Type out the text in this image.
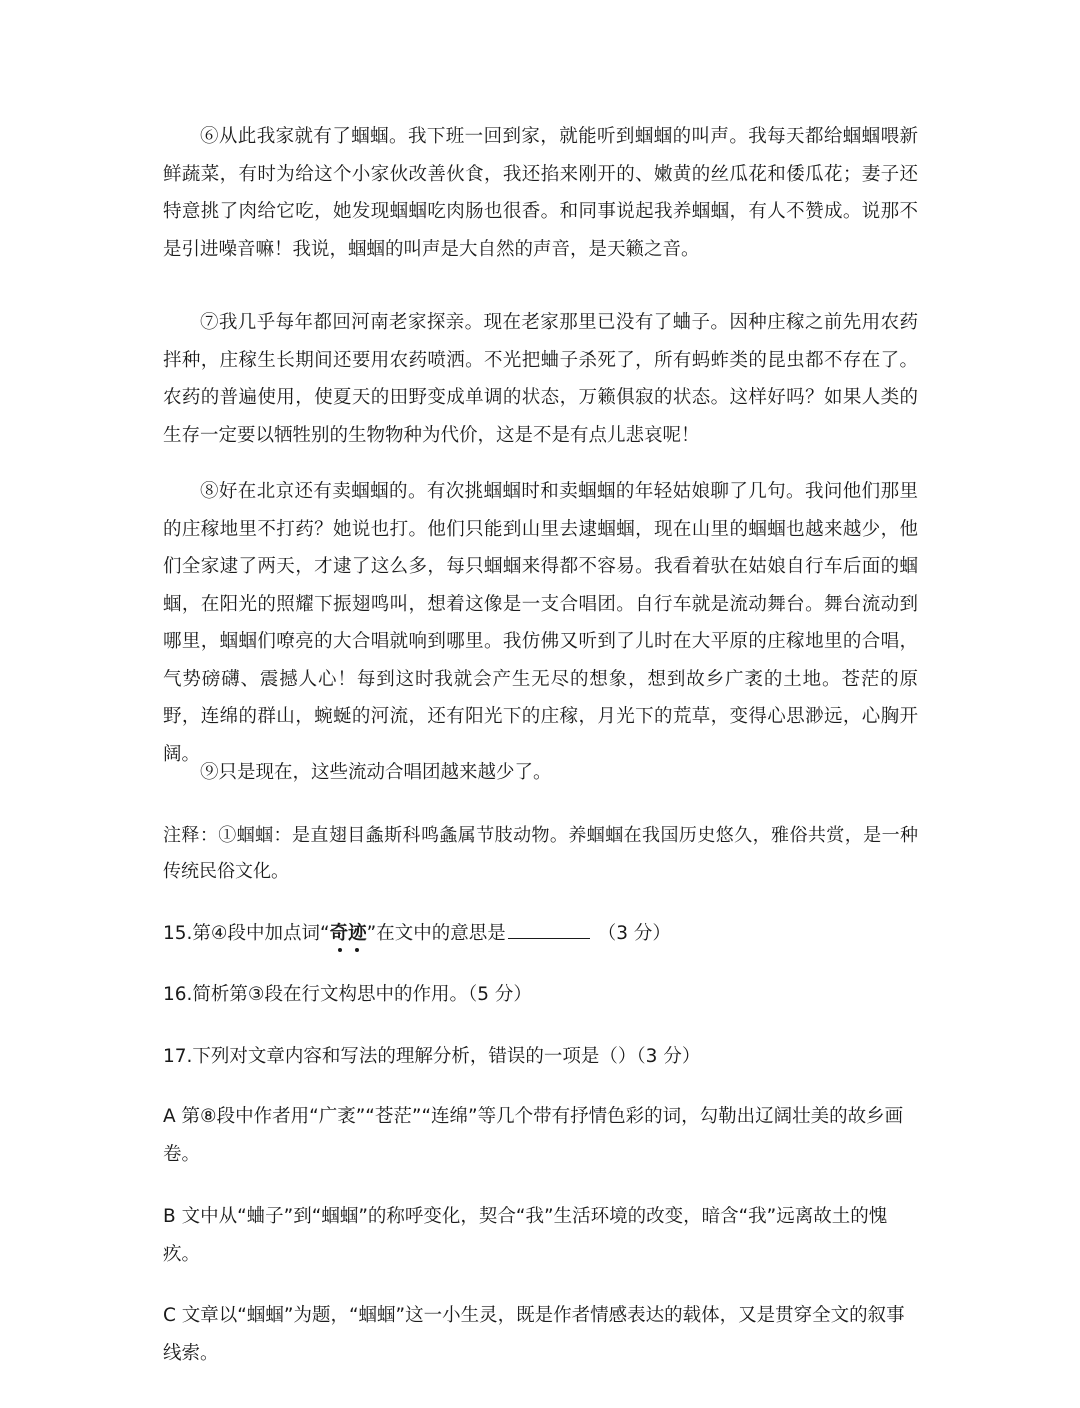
⑥从此我家就有了蝈蝈。我下班一回到家，就能听到蝈蝈的叫声。我每天都给蝈蝈喂新鲜蔬菜，有时为给这个小家伙改善伙食，我还掐来刚开的、嫩黄的丝瓜花和倭瓜花；妻子还特意挑了肉给它吃，她发现蝈蝈吃肉肠也很香。和同事说起我养蝈蝈，有人不赞成。说那不是引进噪音嘛！我说，蝈蝈的叫声是大自然的声音，是天籁之音。

⑦我几乎每年都回河南老家探亲。现在老家那里已没有了蛐子。因种庄稼之前先用农药拌种，庄稼生长期间还要用农药喷洒。不光把蛐子杀死了，所有蚂蚱类的昆虫都不存在了。农药的普遍使用，使夏天的田野变成单调的状态，万籁俱寂的状态。这样好吗？如果人类的生存一定要以牺牲别的生物物种为代价，这是不是有点儿悲哀呢！

⑧好在北京还有卖蝈蝈的。有次挑蝈蝈时和卖蝈蝈的年轻姑娘聊了几句。我问他们那里的庄稼地里不打药？她说也打。他们只能到山里去逮蝈蝈，现在山里的蝈蝈也越来越少，他们全家逮了两天，才逮了这么多，每只蝈蝈来得都不容易。我看着驮在姑娘自行车后面的蝈蝈，在阳光的照耀下振翅鸣叫，想着这像是一支合唱团。自行车就是流动舞台。舞台流动到哪里，蝈蝈们嘹亮的大合唱就响到哪里。我仿佛又听到了儿时在大平原的庄稼地里的合唱，气势磅礴、震撼人心！每到这时我就会产生无尽的想象，想到故乡广袤的土地。苍茫的原野，连绵的群山，蜿蜒的河流，还有阳光下的庄稼，月光下的荒草，变得心思渺远，心胸开阔。

⑨只是现在，这些流动合唱团越来越少了。

注释：①蝈蝈：是直翅目螽斯科鸣螽属节肢动物。养蝈蝈在我国历史悠久，雅俗共赏，是一种传统民俗文化。

15.第④段中加点词“奇迹
”在文中的意思是	（3 分）
16.简析第③段在行文构思中的作用。（5 分）
17.下列对文章内容和写法的理解分析，错误的一项是（）（3 分）
A 第⑧段中作者用“广袤”“苍茫”“连绵”等几个带有抒情色彩的词，勾勒出辽阔壮美的故乡画卷。
B 文中从“蛐子”到“蝈蝈”的称呼变化，契合“我”生活环境的改变，暗含“我”远离故土的愧疚。
C 文章以“蝈蝈”为题，“蝈蝈”这一小生灵，既是作者情感表达的载体，又是贯穿全文的叙事线索。
